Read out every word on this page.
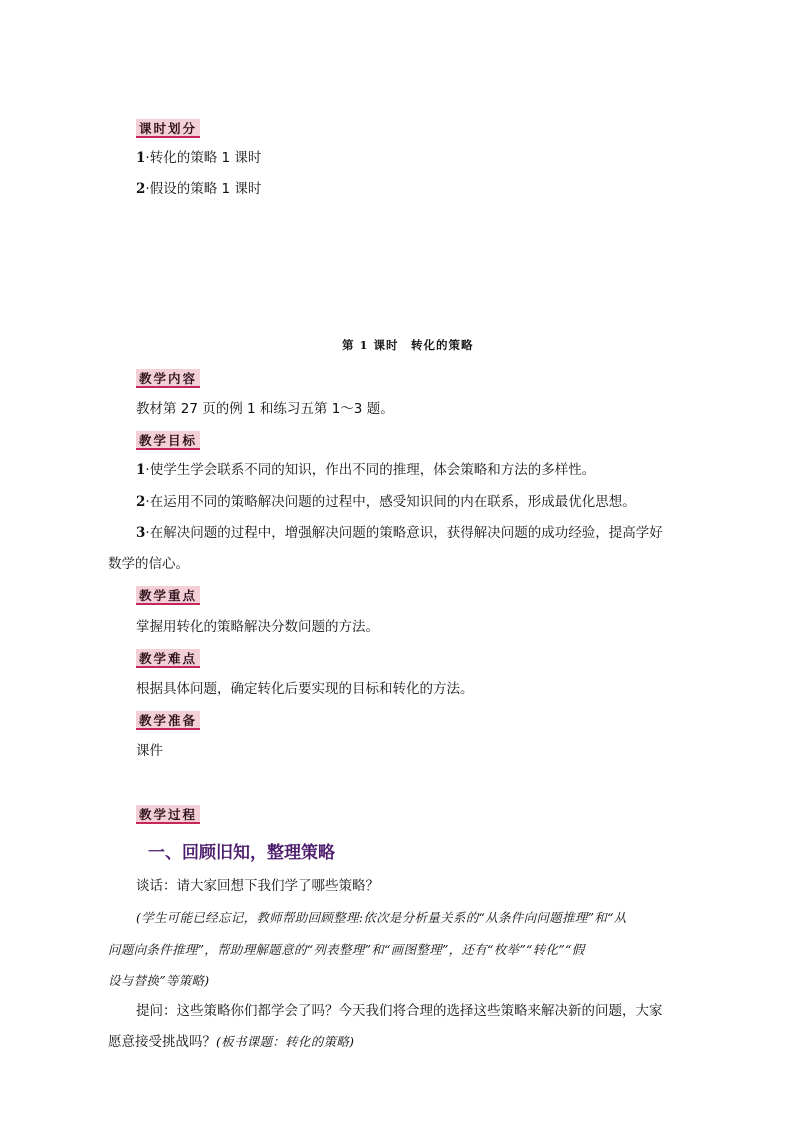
课时划分
1·转化的策略 1 课时
2·假设的策略 1 课时
第 1 课时　转化的策略
教学内容
教材第 27 页的例 1 和练习五第 1～3 题。
教学目标
1·使学生学会联系不同的知识，作出不同的推理，体会策略和方法的多样性。
2·在运用不同的策略解决问题的过程中，感受知识间的内在联系，形成最优化思想。
3·在解决问题的过程中，增强解决问题的策略意识，获得解决问题的成功经验，提高学好
数学的信心。
教学重点
掌握用转化的策略解决分数问题的方法。
教学难点
根据具体问题，确定转化后要实现的目标和转化的方法。
教学准备
课件
教学过程
一、回顾旧知，整理策略
谈话：请大家回想下我们学了哪些策略？
(学生可能已经忘记，教师帮助回顾整理:依次是分析量关系的“从条件向问题推理”和“从
问题向条件推理”，帮助理解题意的“列表整理”和“画图整理”，还有“枚举”“转化”“假
设与替换”等策略)
提问：这些策略你们都学会了吗？今天我们将合理的选择这些策略来解决新的问题，大家
愿意接受挑战吗？(板书课题：转化的策略)
